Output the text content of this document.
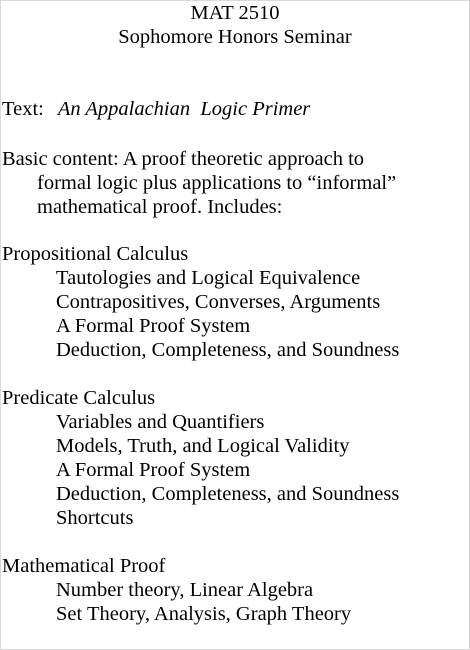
MAT 2510
Sophomore Honors Seminar
Text: An Appalachian  Logic Primer
Basic content: A proof theoretic approach to
formal logic plus applications to “informal”
mathematical proof. Includes:
Propositional Calculus
Tautologies and Logical Equivalence
Contrapositives, Converses, Arguments
A Formal Proof System
Deduction, Completeness, and Soundness
Predicate Calculus
Variables and Quantifiers
Models, Truth, and Logical Validity
A Formal Proof System
Deduction, Completeness, and Soundness
Shortcuts
Mathematical Proof
Number theory, Linear Algebra
Set Theory, Analysis, Graph Theory
